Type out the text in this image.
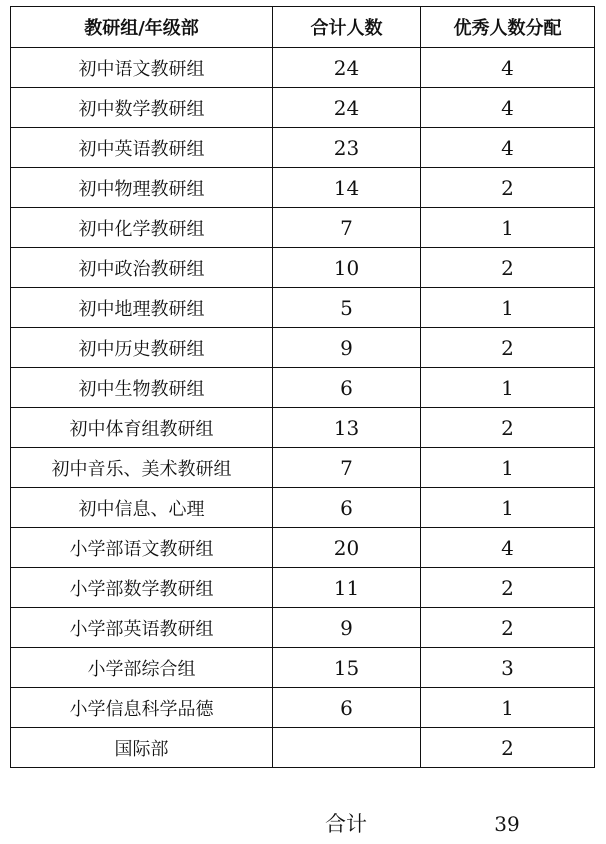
教研组/年级部	合计人数	优秀人数分配
初中语文教研组	24	4
初中数学教研组	24	4
初中英语教研组	23	4
初中物理教研组	14	2
初中化学教研组	7	1
初中政治教研组	10	2
初中地理教研组	5	1
初中历史教研组	9	2
初中生物教研组	6	1
初中体育组教研组	13	2
初中音乐、美术教研组	7	1
初中信息、心理	6	1
小学部语文教研组	20	4
小学部数学教研组	11	2
小学部英语教研组	9	2
小学部综合组	15	3
小学信息科学品德	6	1
国际部		2
合计	39
